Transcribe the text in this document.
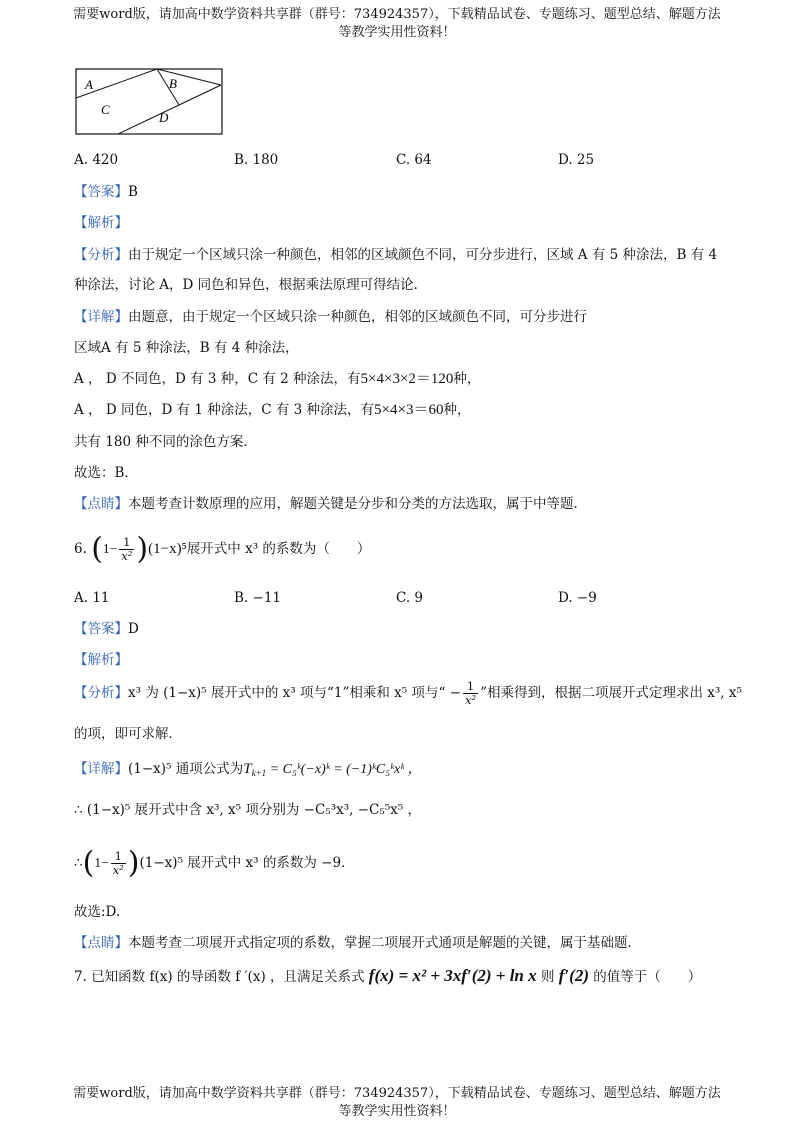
需要word版，请加高中数学资料共享群（群号：734924357），下载精品试卷、专题练习、题型总结、解题方法
等教学实用性资料！
A	B
C
D
A. 420	B. 180	C. 64	D. 25
【答案】B
【解析】
【分析】由于规定一个区域只涂一种颜色，相邻的区域颜色不同，可分步进行，区域 A 有 5 种涂法，B 有 4
种涂法，讨论 A，D 同色和异色，根据乘法原理可得结论．
【详解】由题意，由于规定一个区域只涂一种颜色，相邻的区域颜色不同，可分步进行
区域A 有 5 种涂法，B 有 4 种涂法，
A ， D 不同色，D 有 3 种，C 有 2 种涂法，有5×4×3×2＝120种，
A ， D 同色，D 有 1 种涂法，C 有 3 种涂法，有5×4×3＝60种，
共有 180 种不同的涂色方案．
故选：B．
【点睛】本题考查计数原理的应用，解题关键是分步和分类的方法选取，属于中等题．
6. $(1- \frac{1}{\text{x²}} )(1-x)^5$展开式中 x³ 的系数为（　　）
A. 11	B. −11	C. 9	D. −9
【答案】D
【解析】
【分析】x³ 为 (1−x)⁵ 展开式中的 x³ 项与“1”相乘和 x⁵ 项与“ − $\frac{1}{\text{x²}}$ ”相乘得到，根据二项展开式定理求出 x³, x⁵
的项，即可求解．
【详解】(1−x)⁵ 通项公式为$T_{k+1}$ = C₅ᵏ(−x)ᵏ = (−1)ᵏC₅ᵏxᵏ ，
∴ (1−x)⁵ 展开式中含 x³, x⁵ 项分别为 −C₅³x³, −C₅⁵x⁵ ，
∴(1− $\frac{1}{\text{x²}} )(1-x)^5$ 展开式中 x³ 的系数为 −9．
故选:D.
【点睛】本题考查二项展开式指定项的系数，掌握二项展开式通项是解题的关键，属于基础题．
7. 已知函数 f(x) 的导函数 f ′(x) ，且满足关系式 f(x) = x² + 3xf′(2) + ln x 则 f′(2) 的值等于（　　）
需要word版，请加高中数学资料共享群（群号：734924357），下载精品试卷、专题练习、题型总结、解题方法
等教学实用性资料！
